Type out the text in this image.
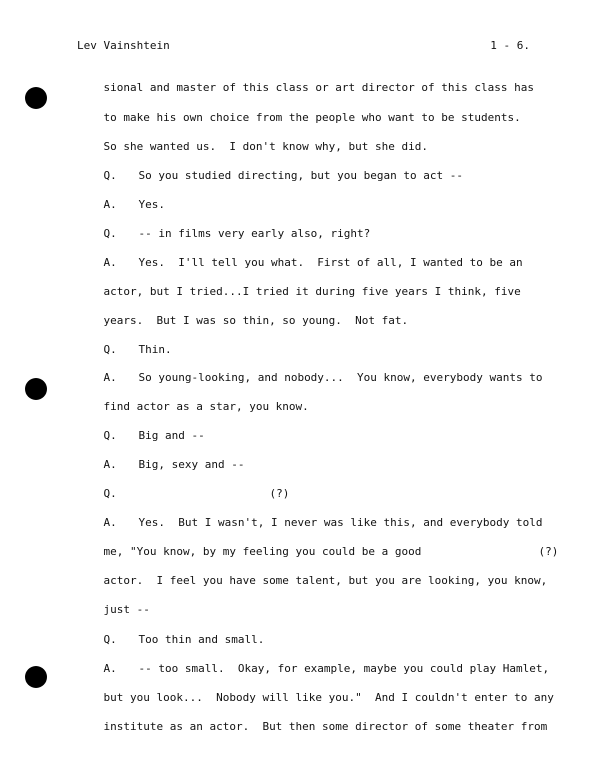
Lev Vainshtein	1 - 6.

sional and master of this class or art director of this class has

to make his own choice from the people who want to be students.

So she wanted us.  I don't know why, but she did.

Q. So you studied directing, but you began to act --

A. Yes.

Q. -- in films very early also, right?

A. Yes.  I'll tell you what.  First of all, I wanted to be an

actor, but I tried...I tried it during five years I think, five

years.  But I was so thin, so young.  Not fat.

Q. Thin.

A. So young-looking, and nobody...  You know, everybody wants to

find actor as a star, you know.

Q. Big and --

A. Big, sexy and --

Q.	(?)

A. Yes.  But I wasn't, I never was like this, and everybody told

me, "You know, by my feeling you could be a good
	(?)

actor.  I feel you have some talent, but you are looking, you know,

just --

Q. Too thin and small.

A. -- too small.  Okay, for example, maybe you could play Hamlet,

but you look...  Nobody will like you."  And I couldn't enter to any

institute as an actor.  But then some director of some theater from
